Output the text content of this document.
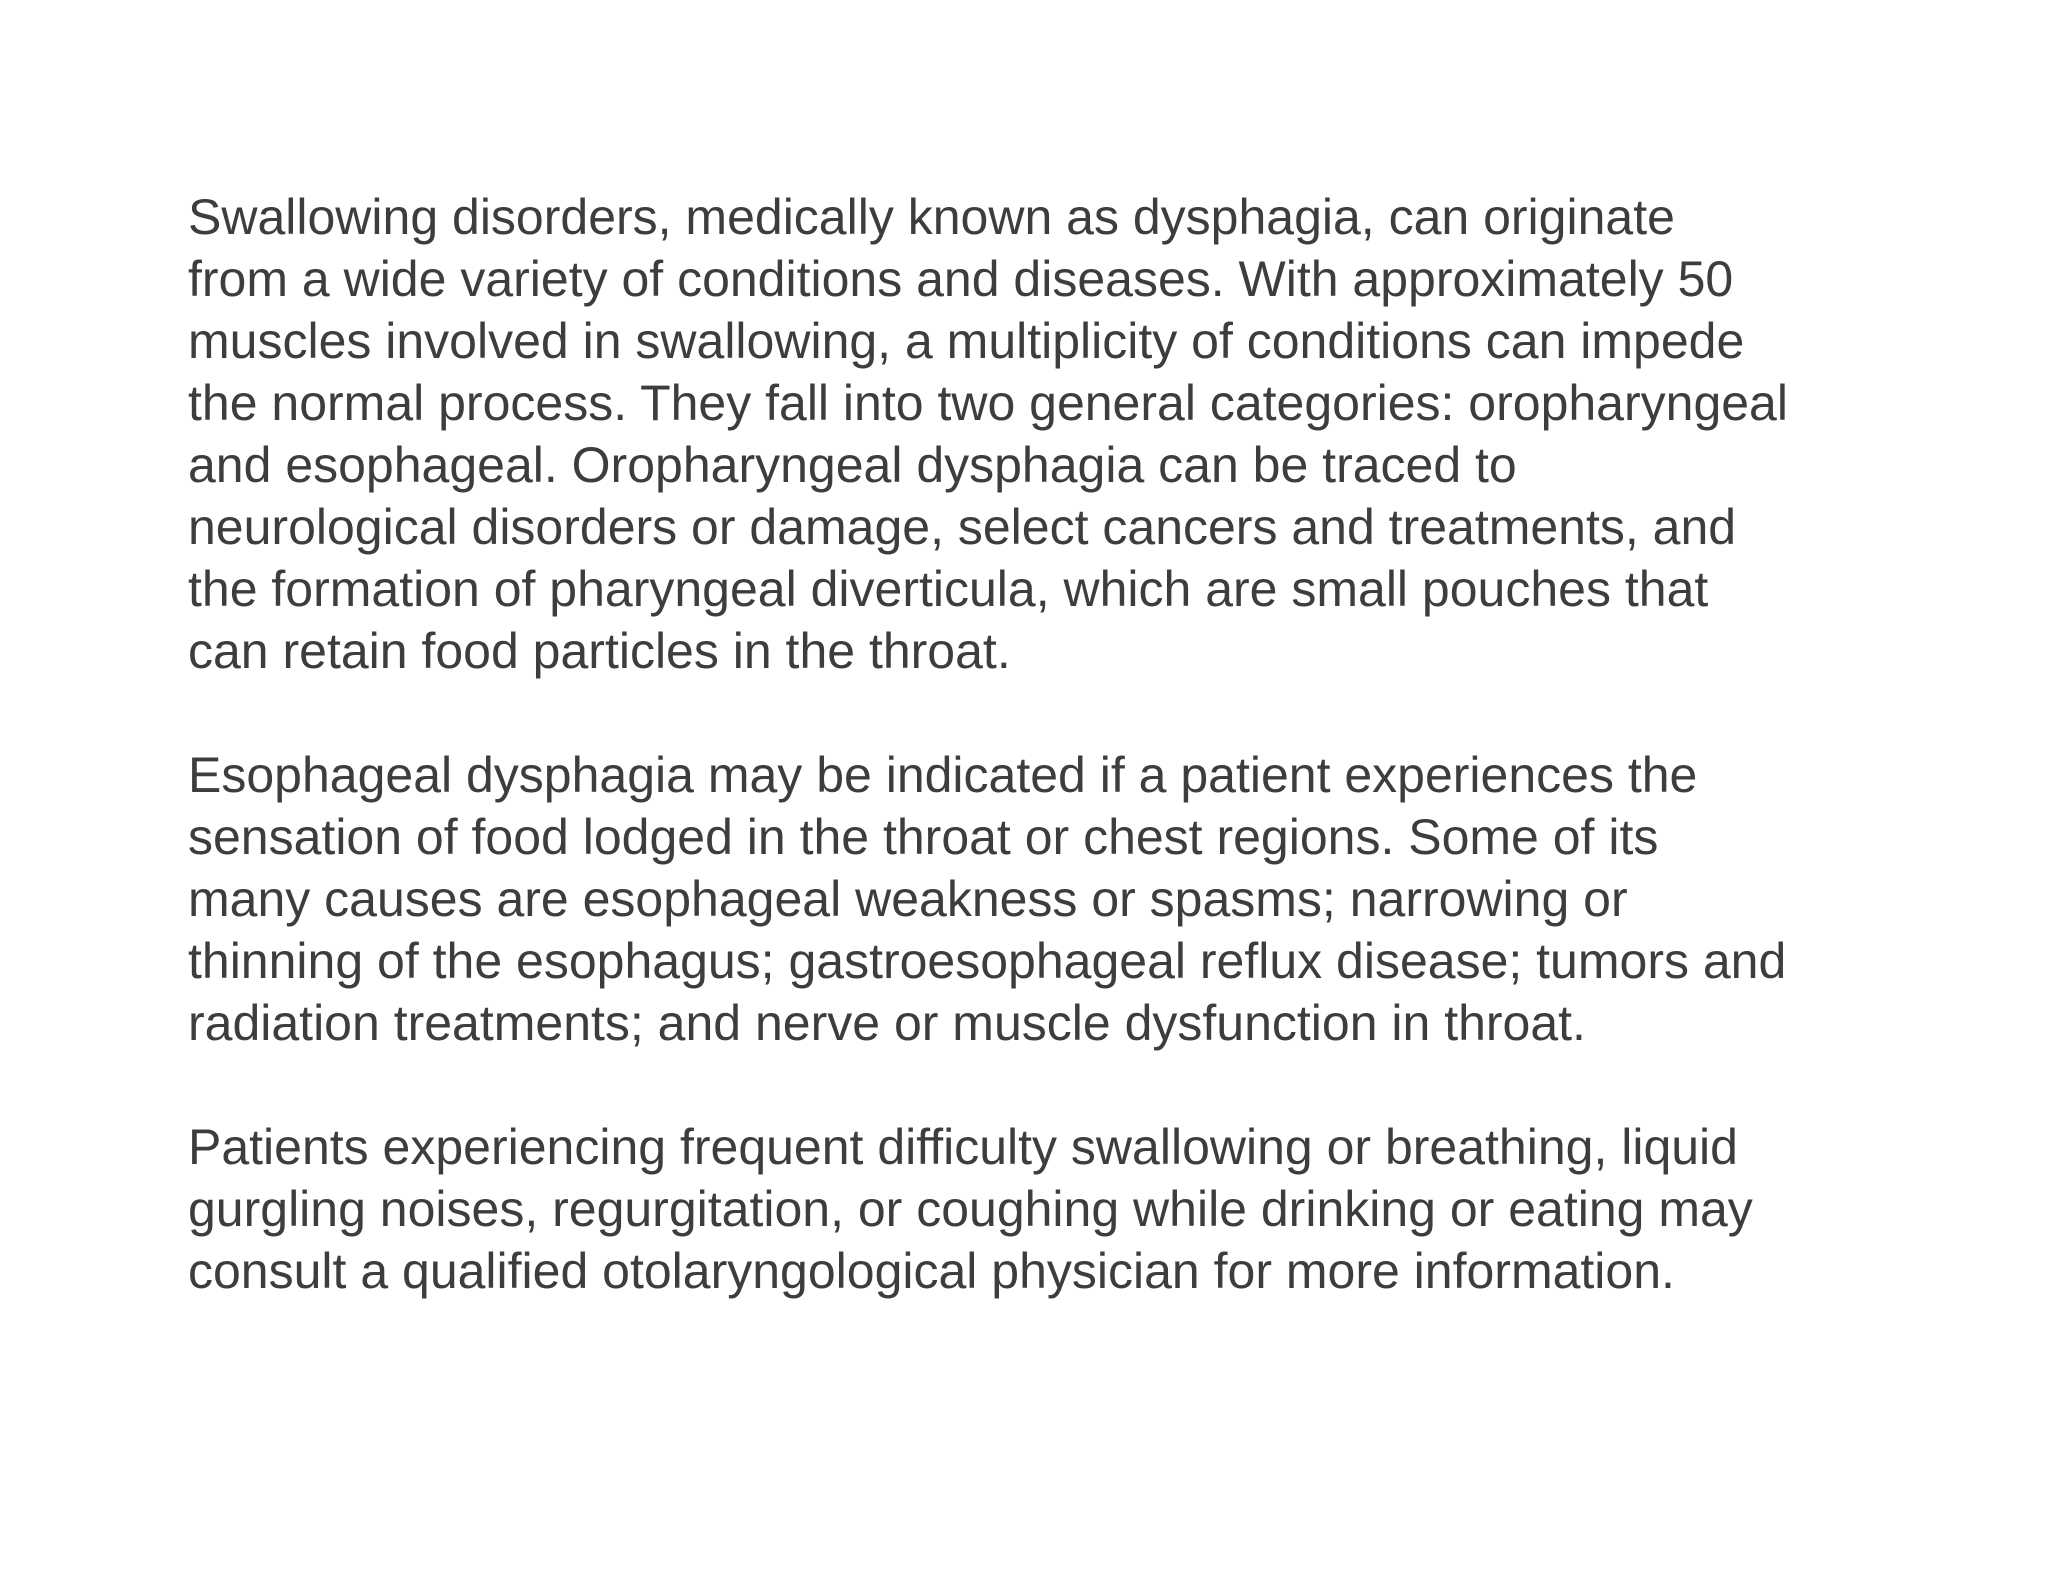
Swallowing disorders, medically known as dysphagia, can originate
from a wide variety of conditions and diseases. With approximately 50
muscles involved in swallowing, a multiplicity of conditions can impede
the normal process. They fall into two general categories: oropharyngeal
and esophageal. Oropharyngeal dysphagia can be traced to
neurological disorders or damage, select cancers and treatments, and
the formation of pharyngeal diverticula, which are small pouches that
can retain food particles in the throat.

Esophageal dysphagia may be indicated if a patient experiences the
sensation of food lodged in the throat or chest regions. Some of its
many causes are esophageal weakness or spasms; narrowing or
thinning of the esophagus; gastroesophageal reflux disease; tumors and
radiation treatments; and nerve or muscle dysfunction in throat.

Patients experiencing frequent difficulty swallowing or breathing, liquid
gurgling noises, regurgitation, or coughing while drinking or eating may
consult a qualified otolaryngological physician for more information.
